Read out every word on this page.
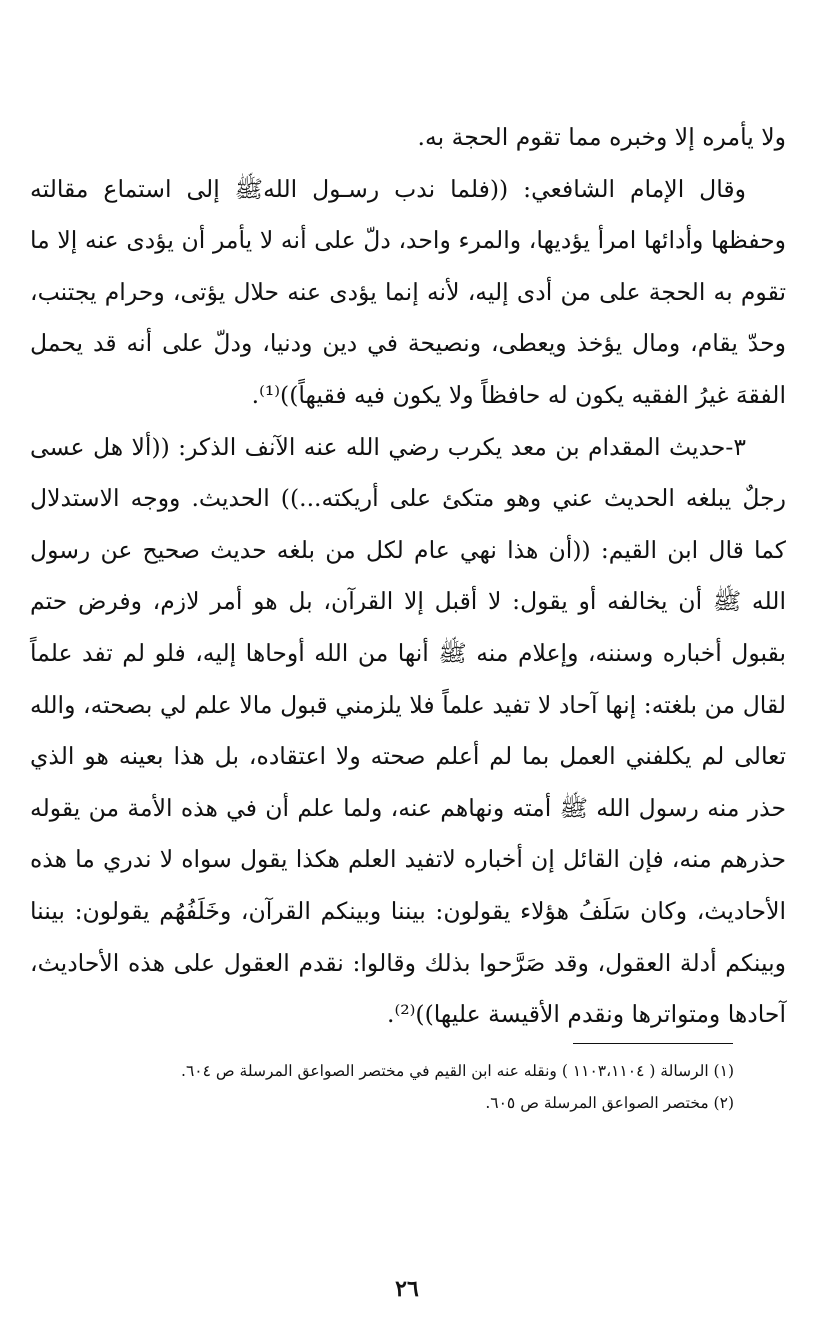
ولا يأمره إلا وخبره مما تقوم الحجة به.

وقال الإمام الشافعي: ((فلما ندب رسـول اللهﷺ إلى استماع مقالته وحفظها وأدائها امرأ يؤديها، والمرء واحد، دلّ على أنه لا يأمر أن يؤدى عنه إلا ما تقوم به الحجة على من أدى إليه، لأنه إنما يؤدى عنه حلال يؤتى، وحرام يجتنب، وحدّ يقام، ومال يؤخذ ويعطى، ونصيحة في دين ودنيا، ودلّ على أنه قد يحمل الفقهَ غيرُ الفقيه يكون له حافظاً ولا يكون فيه فقيهاً))⁽¹⁾.

٣-حديث المقدام بن معد يكرب رضي الله عنه الآنف الذكر: ((ألا هل عسى رجلٌ يبلغه الحديث عني وهو متكئ على أريكته...)) الحديث. ووجه الاستدلال كما قال ابن القيم: ((أن هذا نهي عام لكل من بلغه حديث صحيح عن رسول الله ﷺ أن يخالفه أو يقول: لا أقبل إلا القرآن، بل هو أمر لازم، وفرض حتم بقبول أخباره وسننه، وإعلام منه ﷺ أنها من الله أوحاها إليه، فلو لم تفد علماً لقال من بلغته: إنها آحاد لا تفيد علماً فلا يلزمني قبول مالا علم لي بصحته، والله تعالى لم يكلفني العمل بما لم أعلم صحته ولا اعتقاده، بل هذا بعينه هو الذي حذر منه رسول الله ﷺ أمته ونهاهم عنه، ولما علم أن في هذه الأمة من يقوله حذرهم منه، فإن القائل إن أخباره لاتفيد العلم هكذا يقول سواه لا ندري ما هذه الأحاديث، وكان سَلَفُ هؤلاء يقولون: بيننا وبينكم القرآن، وخَلَفُهُم يقولون: بيننا وبينكم أدلة العقول، وقد صَرَّحوا بذلك وقالوا: نقدم العقول على هذه الأحاديث، آحادها ومتواترها ونقدم الأقيسة عليها))⁽²⁾.

(١) الرسالة ( ١١٠٣،١١٠٤ ) ونقله عنه ابن القيم في مختصر الصواعق المرسلة ص ٦٠٤.

(٢) مختصر الصواعق المرسلة ص ٦٠٥.

٢٦
